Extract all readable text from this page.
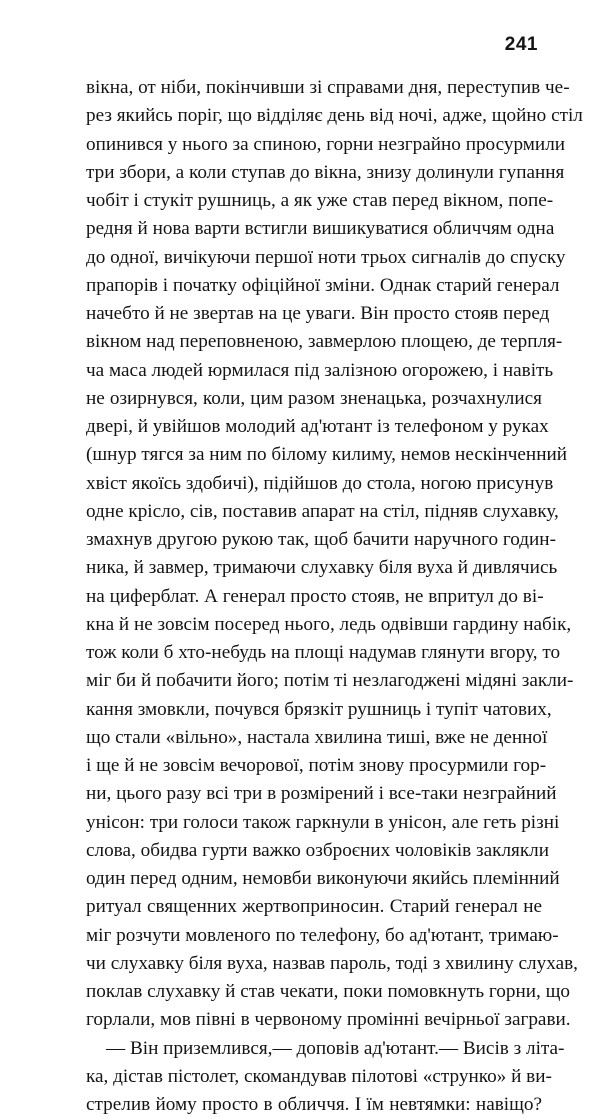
241
вікна, от ніби, покінчивши зі справами дня, переступив че-
рез якийсь поріг, що відділяє день від ночі, адже, щойно стіл
опинився у нього за спиною, горни незграйно просурмили
три збори, а коли ступав до вікна, знизу долинули гупання
чобіт і стукіт рушниць, а як уже став перед вікном, попе-
редня й нова варти встигли вишикуватися обличчям одна
до одної, вичікуючи першої ноти трьох сигналів до спуску
прапорів і початку офіційної зміни. Однак старий генерал
начебто й не звертав на це уваги. Він просто стояв перед
вікном над переповненою, завмерлою площею, де терпля-
ча маса людей юрмилася під залізною огорожею, і навіть
не озирнувся, коли, цим разом зненацька, розчахнулися
двері, й увійшов молодий ад'ютант із телефоном у руках
(шнур тягся за ним по білому килиму, немов нескінченний
хвіст якоїсь здобичі), підійшов до стола, ногою присунув
одне крісло, сів, поставив апарат на стіл, підняв слухавку,
змахнув другою рукою так, щоб бачити наручного годин-
ника, й завмер, тримаючи слухавку біля вуха й дивлячись
на циферблат. А генерал просто стояв, не впритул до ві-
кна й не зовсім посеред нього, ледь одвівши гардину набік,
тож коли б хто-небудь на площі надумав глянути вгору, то
міг би й побачити його; потім ті незлагоджені мідяні закли-
кання змовкли, почувся брязкіт рушниць і тупіт чатових,
що стали «вільно», настала хвилина тиші, вже не денної
і ще й не зовсім вечорової, потім знову просурмили гор-
ни, цього разу всі три в розмірений і все-таки незграйний
унісон: три голоси також гаркнули в унісон, але геть різні
слова, обидва гурти важко озброєних чоловіків заклякли
один перед одним, немовби виконуючи якийсь племінний
ритуал священних жертвоприносин. Старий генерал не
міг розчути мовленого по телефону, бо ад'ютант, тримаю-
чи слухавку біля вуха, назвав пароль, тоді з хвилину слухав,
поклав слухавку й став чекати, поки помовкнуть горни, що
горлали, мов півні в червоному промінні вечірньої заграви.
— Він приземлився,— доповів ад'ютант.— Висів з літа-
ка, дістав пістолет, скомандував пілотові «струнко» й ви-
стрелив йому просто в обличчя. І їм невтямки: навіщо?
